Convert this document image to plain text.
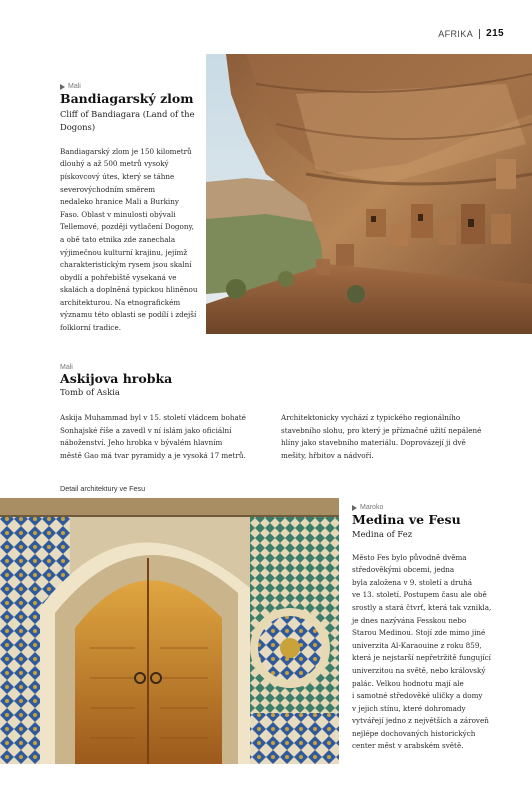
AFRIKA 215
Mali
Bandiagarský zlom
Cliff of Bandiagara (Land of the
Dogons)
Bandiagarský zlom je 150 kilometrů
dlouhý a až 500 metrů vysoký
pískovcový útes, který se táhne
severovýchodním směrem
nedaleko hranice Mali a Burkiny
Faso. Oblast v minulosti obývali
Tellemové, později vytlačení Dogony,
a obě tato etnika zde zanechala
výjimečnou kulturní krajinu, jejímž
charakteristickým rysem jsou skalní
obydlí a pohřebiště vysekaná ve
skalách a doplněná typickou hliněnou
architekturou. Na etnografickém
významu této oblasti se podílí i zdejší
folklorní tradice.
Mali
Askijova hrobka
Tomb of Askia
Askija Muhammad byl v 15. století vládcem bohaté
Sonhajské říše a zavedl v ní islám jako oficiální
náboženství. Jeho hrobka v bývalém hlavním
městě Gao má tvar pyramidy a je vysoká 17 metrů.
Architektonicky vychází z typického regionálního
stavebního slohu, pro který je příznačné užití nepálené
hlíny jako stavebního materiálu. Doprovázejí ji dvě
mešity, hřbitov a nádvoří.
Detail architektury ve Fesu
Maroko
Medina ve Fesu
Medina of Fez
Město Fes bylo původně dvěma
středověkými obcemi, jedna
byla založena v 9. století a druhá
ve 13. století. Postupem času ale obě
srostly a stará čtvrť, která tak vznikla,
je dnes nazývána Fesskou nebo
Starou Medinou. Stojí zde mimo jiné
univerzita Al-Karaouine z roku 859,
která je nejstarší nepřetržitě fungující
univerzitou na světě, nebo královský
palác. Velkou hodnotu mají ale
i samotné středověké uličky a domy
v jejich stínu, které dohromady
vytvářejí jedno z největších a zároveň
nejlépe dochovaných historických
center měst v arabském světě.
